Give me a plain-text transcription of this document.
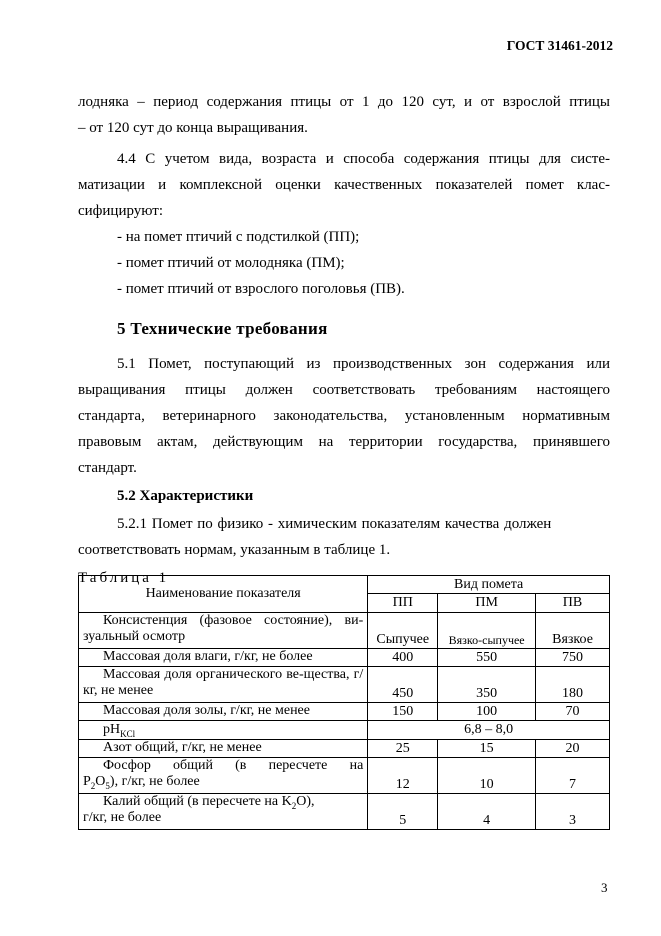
ГОСТ 31461-2012
лодняка – период содержания птицы от 1 до 120 сут, и от взрослой птицы
– от 120 сут до конца выращивания.
4.4 С учетом вида, возраста и способа содержания птицы для систе-
матизации и комплексной оценки качественных показателей помет клас-
сифицируют:
- на помет птичий с подстилкой (ПП);
- помет птичий от молодняка (ПМ);
- помет птичий от взрослого поголовья (ПВ).
5 Технические требования
5.1 Помет, поступающий из производственных зон содержания или
выращивания птицы должен соответствовать требованиям настоящего
стандарта, ветеринарного законодательства, установленным нормативным
правовым актам, действующим на территории государства, принявшего
стандарт.
5.2 Характеристики
5.2.1 Помет по физико - химическим показателям качества должен
соответствовать нормам, указанным в таблице 1.
Таблица 1
Наименование показателя	Вид помета		
	ПП	ПМ	ПВ
Консистенция (фазовое состояние), ви-зуальный осмотр	Сыпучее	Вязко-сыпучее	Вязкое
Массовая доля влаги, г/кг, не более	400	550	750
Массовая доля органического ве-щества, г/кг, не менее	450	350	180
Массовая доля золы, г/кг, не менее	150	100	70
$pH_{KCl}$	6,8 – 8,0		
Азот общий, г/кг, не менее	25	15	20

Фосфор общий (в пересчете на
$P_2O_5$), г/кг, не более	12	10	7

Калий общий (в пересчете на $K_2O$),
г/кг, не более	5	4	3
3
